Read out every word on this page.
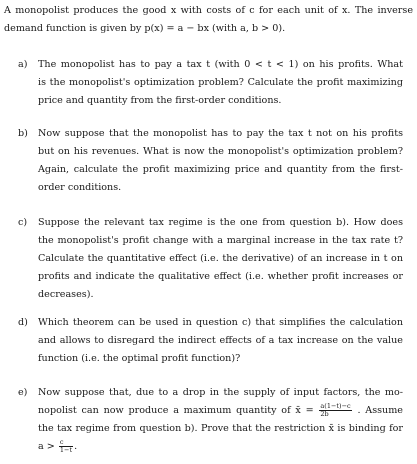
A monopolist produces the good x with costs of c for each unit of x. The inverse
demand function is given by p(x) = a − bx (with a, b > 0).
a) The monopolist has to pay a tax t (with 0 < t < 1) on his profits. What
is the monopolist's optimization problem? Calculate the profit maximizing
price and quantity from the first-order conditions.
b) Now suppose that the monopolist has to pay the tax t not on his profits
but on his revenues. What is now the monopolist's optimization problem?
Again, calculate the profit maximizing price and quantity from the first-
order conditions.
c) Suppose the relevant tax regime is the one from question b). How does
the monopolist's profit change with a marginal increase in the tax rate t?
Calculate the quantitative effect (i.e. the derivative) of an increase in t on
profits and indicate the qualitative effect (i.e. whether profit increases or
decreases).
d) Which theorem can be used in question c) that simplifies the calculation
and allows to disregard the indirect effects of a tax increase on the value
function (i.e. the optimal profit function)?
e) Now suppose that, due to a drop in the supply of input factors, the mo-
nopolist can now produce a maximum quantity of x̄ = $\frac{a(1-t)-c}{2b}$ . Assume
the tax regime from question b). Prove that the restriction x̄ is binding for
$a > \frac{c}{1-t}$ .
